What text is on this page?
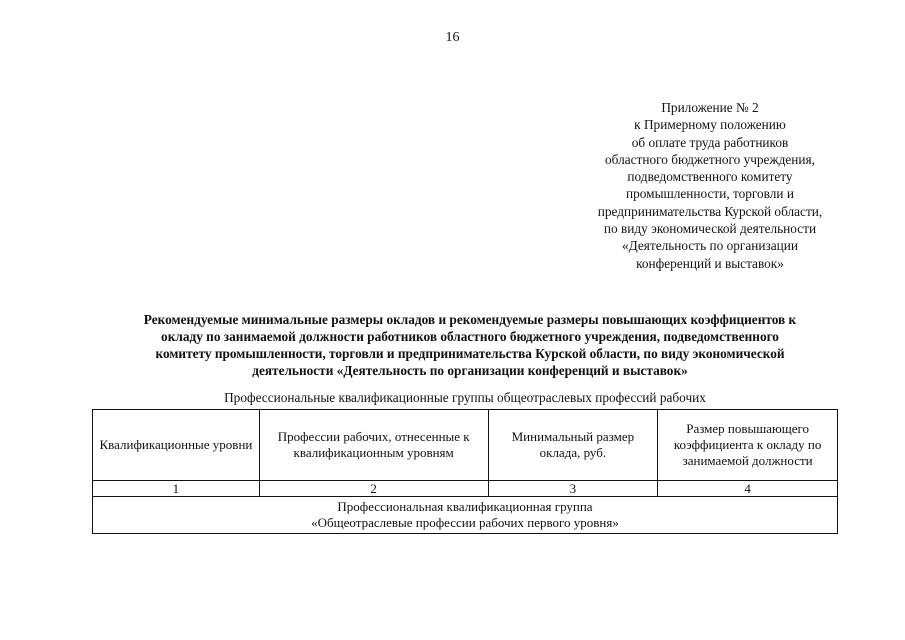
16
Приложение № 2
к Примерному положению
об оплате труда работников
областного бюджетного учреждения,
подведомственного комитету
промышленности, торговли и
предпринимательства Курской области,
по виду экономической деятельности
«Деятельность по организации
конференций и выставок»
Рекомендуемые минимальные размеры окладов и рекомендуемые размеры повышающих коэффициентов к
окладу по занимаемой должности работников областного бюджетного учреждения, подведомственного
комитету промышленности, торговли и предпринимательства Курской области, по виду экономической
деятельности «Деятельность по организации конференций и выставок»
Профессиональные квалификационные группы общеотраслевых профессий рабочих
Квалификационные уровни	Профессии рабочих, отнесенные к квалификационным уровням	Минимальный размер оклада, руб.	Размер повышающего коэффициента к окладу по занимаемой должности
1	2	3	4

Профессиональная квалификационная группа
«Общеотраслевые профессии рабочих первого уровня»			
